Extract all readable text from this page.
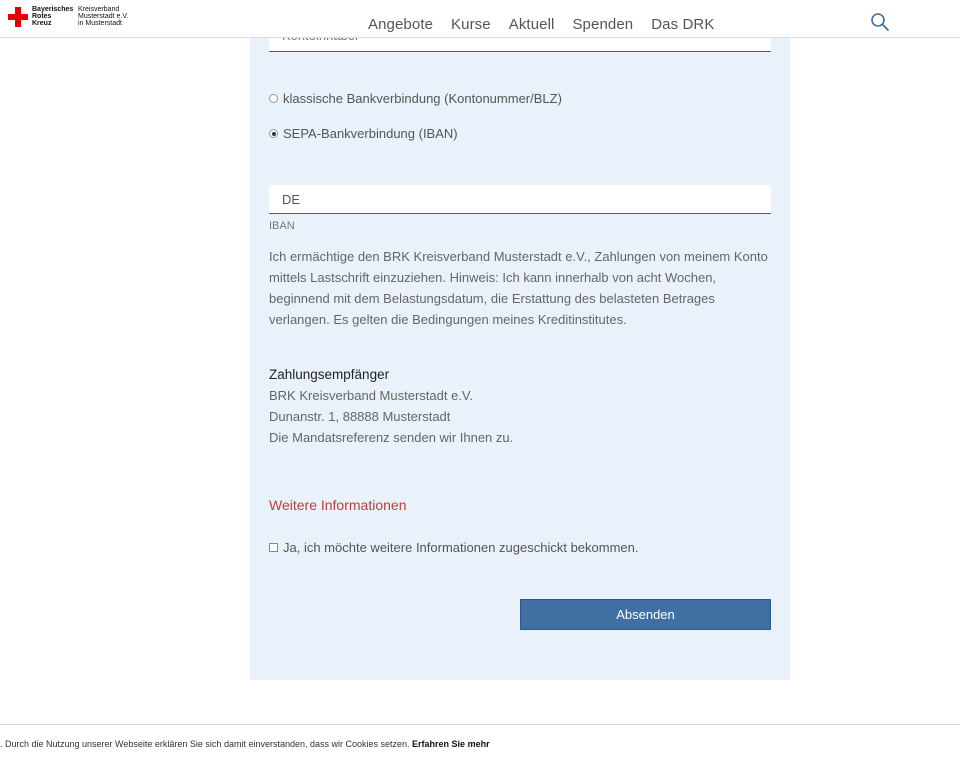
Bayerisches
Rotes
Kreuz
Kreisverband
Musterstadt e.V.
in Musterstadt	Angebote Kurse Aktuell Spenden Das DRK
klassische Bankverbindung (Kontonummer/BLZ)
SEPA-Bankverbindung (IBAN)
DE
IBAN

Ich ermächtige den BRK Kreisverband Musterstadt e.V., Zahlungen von meinem Konto mittels Lastschrift einzuziehen. Hinweis: Ich kann innerhalb von acht Wochen, beginnend mit dem Belastungsdatum, die Erstattung des belasteten Betrages verlangen. Es gelten die Bedingungen meines Kreditinstitutes.

Zahlungsempfänger
BRK Kreisverband Musterstadt e.V.
Dunanstr. 1, 88888 Musterstadt
Die Mandatsreferenz senden wir Ihnen zu.
Weitere Informationen
Ja, ich möchte weitere Informationen zugeschickt bekommen.
Absenden
. Durch die Nutzung unserer Webseite erklären Sie sich damit einverstanden, dass wir Cookies setzen. Erfahren Sie mehr
